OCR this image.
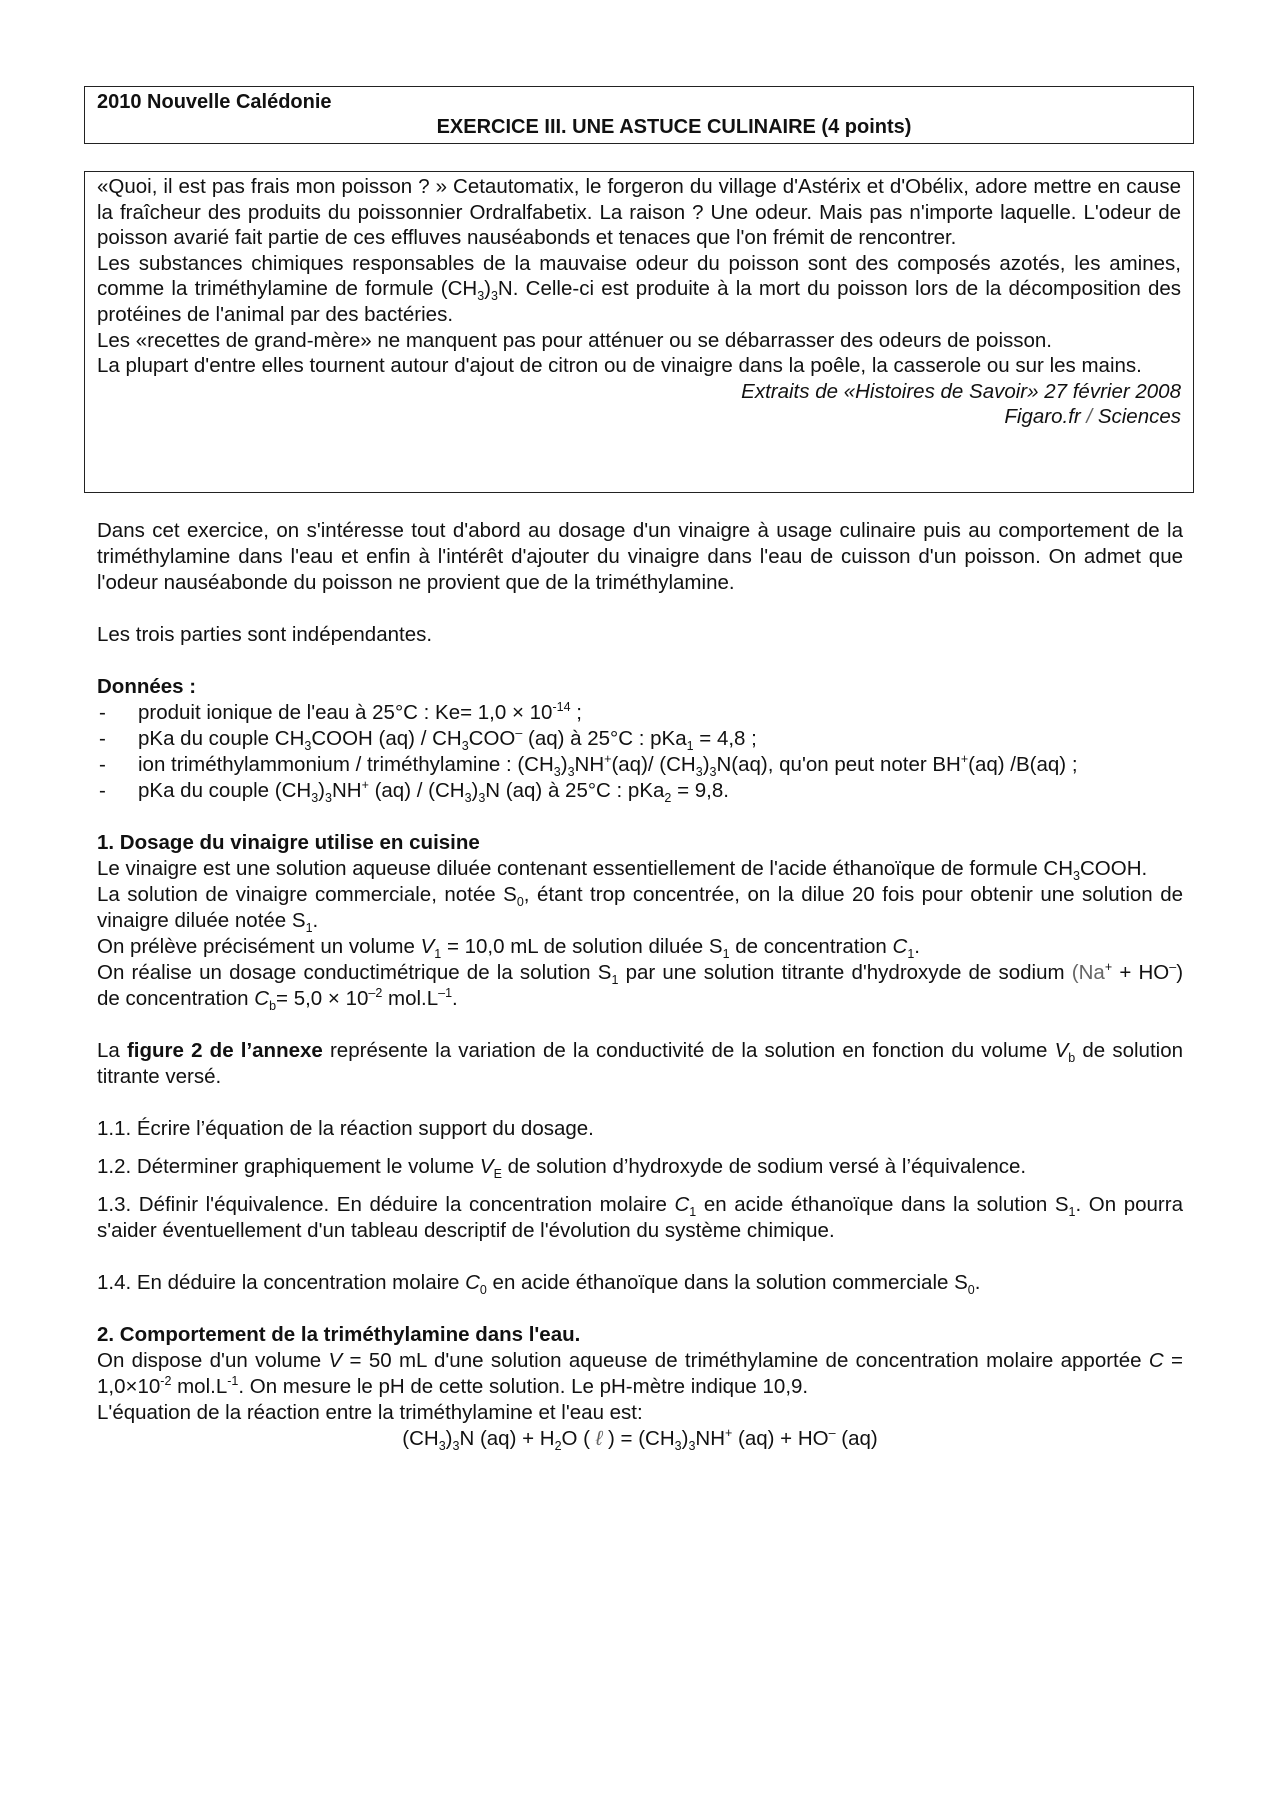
2010 Nouvelle Calédonie
EXERCICE III. UNE ASTUCE CULINAIRE (4 points)

«Quoi, il est pas frais mon poisson ? » Cetautomatix, le forgeron du village d'Astérix et d'Obélix, adore mettre en cause la fraîcheur des produits du poissonnier Ordralfabetix. La raison ? Une odeur. Mais pas n'importe laquelle. L'odeur de poisson avarié fait partie de ces effluves nauséabonds et tenaces que l'on frémit de rencontrer.

Les substances chimiques responsables de la mauvaise odeur du poisson sont des composés azotés, les amines, comme la triméthylamine de formule $(CH_3)_3N$. Celle-ci est produite à la mort du poisson lors de la décomposition des protéines de l'animal par des bactéries.

Les «recettes de grand-mère» ne manquent pas pour atténuer ou se débarrasser des odeurs de poisson.

La plupart d'entre elles tournent autour d'ajout de citron ou de vinaigre dans la poêle, la casserole ou sur les mains.

Extraits de «Histoires de Savoir» 27 février 2008

Figaro.fr / Sciences

Dans cet exercice, on s'intéresse tout d'abord au dosage d'un vinaigre à usage culinaire puis au comportement de la triméthylamine dans l'eau et enfin à l'intérêt d'ajouter du vinaigre dans l'eau de cuisson d'un poisson. On admet que l'odeur nauséabonde du poisson ne provient que de la triméthylamine.

Les trois parties sont indépendantes.

Données :

- produit ionique de l'eau à 25°C : $Ke= 1,0 \times 10^{-14}$ ;
- pKa du couple $CH_3COOH$ $(aq) / CH_3COO^-$ (aq) à 25°C : pKa$_1$ = 4,8 ;
- ion triméthylammonium / triméthylamine : $(CH_3)_3NH^+(aq)/$ $(CH_3)_3N(aq)$, qu'on peut noter BH+(aq) /B(aq) ;
- pKa du couple $(CH_3)_3NH^+$ $(aq) / (CH_3)_3N$ (aq) à 25°C : pKa$_2$ = 9,8.

1. Dosage du vinaigre utilise en cuisine

Le vinaigre est une solution aqueuse diluée contenant essentiellement de l'acide éthanoïque de formule $CH_3COOH$.

La solution de vinaigre commerciale, notée $S_0$, étant trop concentrée, on la dilue 20 fois pour obtenir une solution de vinaigre diluée notée $S_1$.

On prélève précisément un volume $V_1 = 10,0$ mL de solution diluée $S_1$ de concentration $C_1$.

On réalise un dosage conductimétrique de la solution $S_1$ par une solution titrante d'hydroxyde de sodium (Na+ + HO–) de concentration $C_b= 5,0 \times 10^{-2}$ $mol.L^{-1}$.

La figure 2 de l’annexe représente la variation de la conductivité de la solution en fonction du volume $V_b$ de solution titrante versé.

1.1. Écrire l’équation de la réaction support du dosage.

1.2. Déterminer graphiquement le volume $V_E$ de solution d’hydroxyde de sodium versé à l’équivalence.

1.3. Définir l'équivalence. En déduire la concentration molaire $C_1$ en acide éthanoïque dans la solution $S_1$. On pourra s'aider éventuellement d'un tableau descriptif de l'évolution du système chimique.

1.4. En déduire la concentration molaire $C_0$ en acide éthanoïque dans la solution commerciale $S_0$.

2. Comportement de la triméthylamine dans l'eau.

On dispose d'un volume V = 50 mL d'une solution aqueuse de triméthylamine de concentration molaire apportée $C = 1,0\times 10^{-2}$ $mol.L^{-1}$. On mesure le pH de cette solution. Le pH-mètre indique 10,9.

L'équation de la réaction entre la triméthylamine et l'eau est:

$(CH_3)_3N$ $(aq) + H_2O$ ( ℓ ) = $(CH_3)_3NH^+$ (aq) + HO– (aq)
